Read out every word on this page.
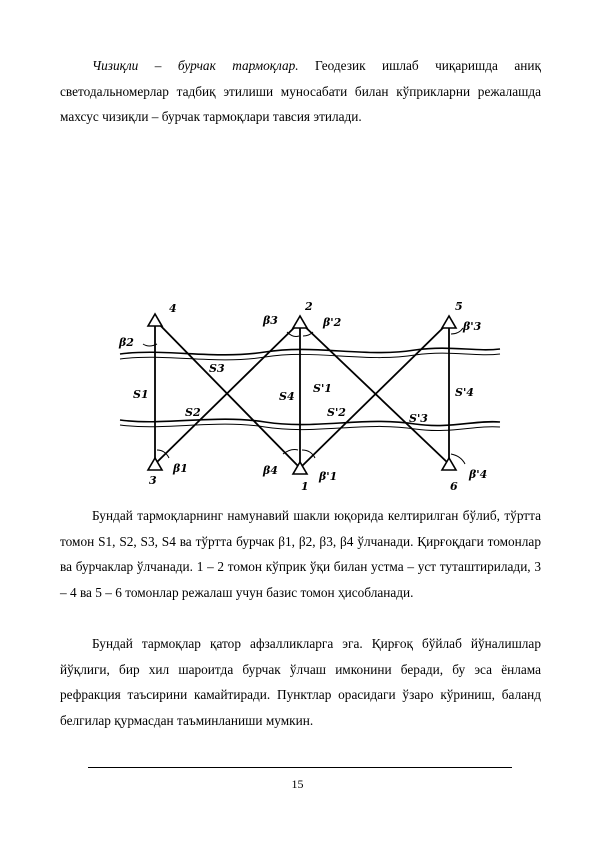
Чизиқли – бурчак тармоқлар. Геодезик ишлаб чиқаришда аниқ светодальномерлар тадбиқ этилиши муносабати билан кўприкларни режалашда махсус чизиқли – бурчак тармоқлари тавсия этилади.
4	2	5
3	1	6
β2
β3	β'2	β'3
β1	β4	β'1	β'4
S1
S2
S3
S4
S'1
S'2	S'3
S'4
Бундай тармоқларнинг намунавий шакли юқорида келтирилган бўлиб, тўртта томон S1, S2, S3, S4 ва тўртта бурчак β1, β2, β3, β4 ўлчанади. Қирғоқдаги томонлар ва бурчаклар ўлчанади. 1 – 2 томон кўприк ўқи билан устма – уст туташтирилади, 3 – 4 ва 5 – 6 томонлар режалаш учун базис томон ҳисобланади.
Бундай тармоқлар қатор афзалликларга эга. Қирғоқ бўйлаб йўналишлар йўқлиги, бир хил шароитда бурчак ўлчаш имконини беради, бу эса ёнлама рефракция таъсирини камайтиради. Пунктлар орасидаги ўзаро кўриниш, баланд белгилар қурмасдан таъминланиши мумкин.
15
